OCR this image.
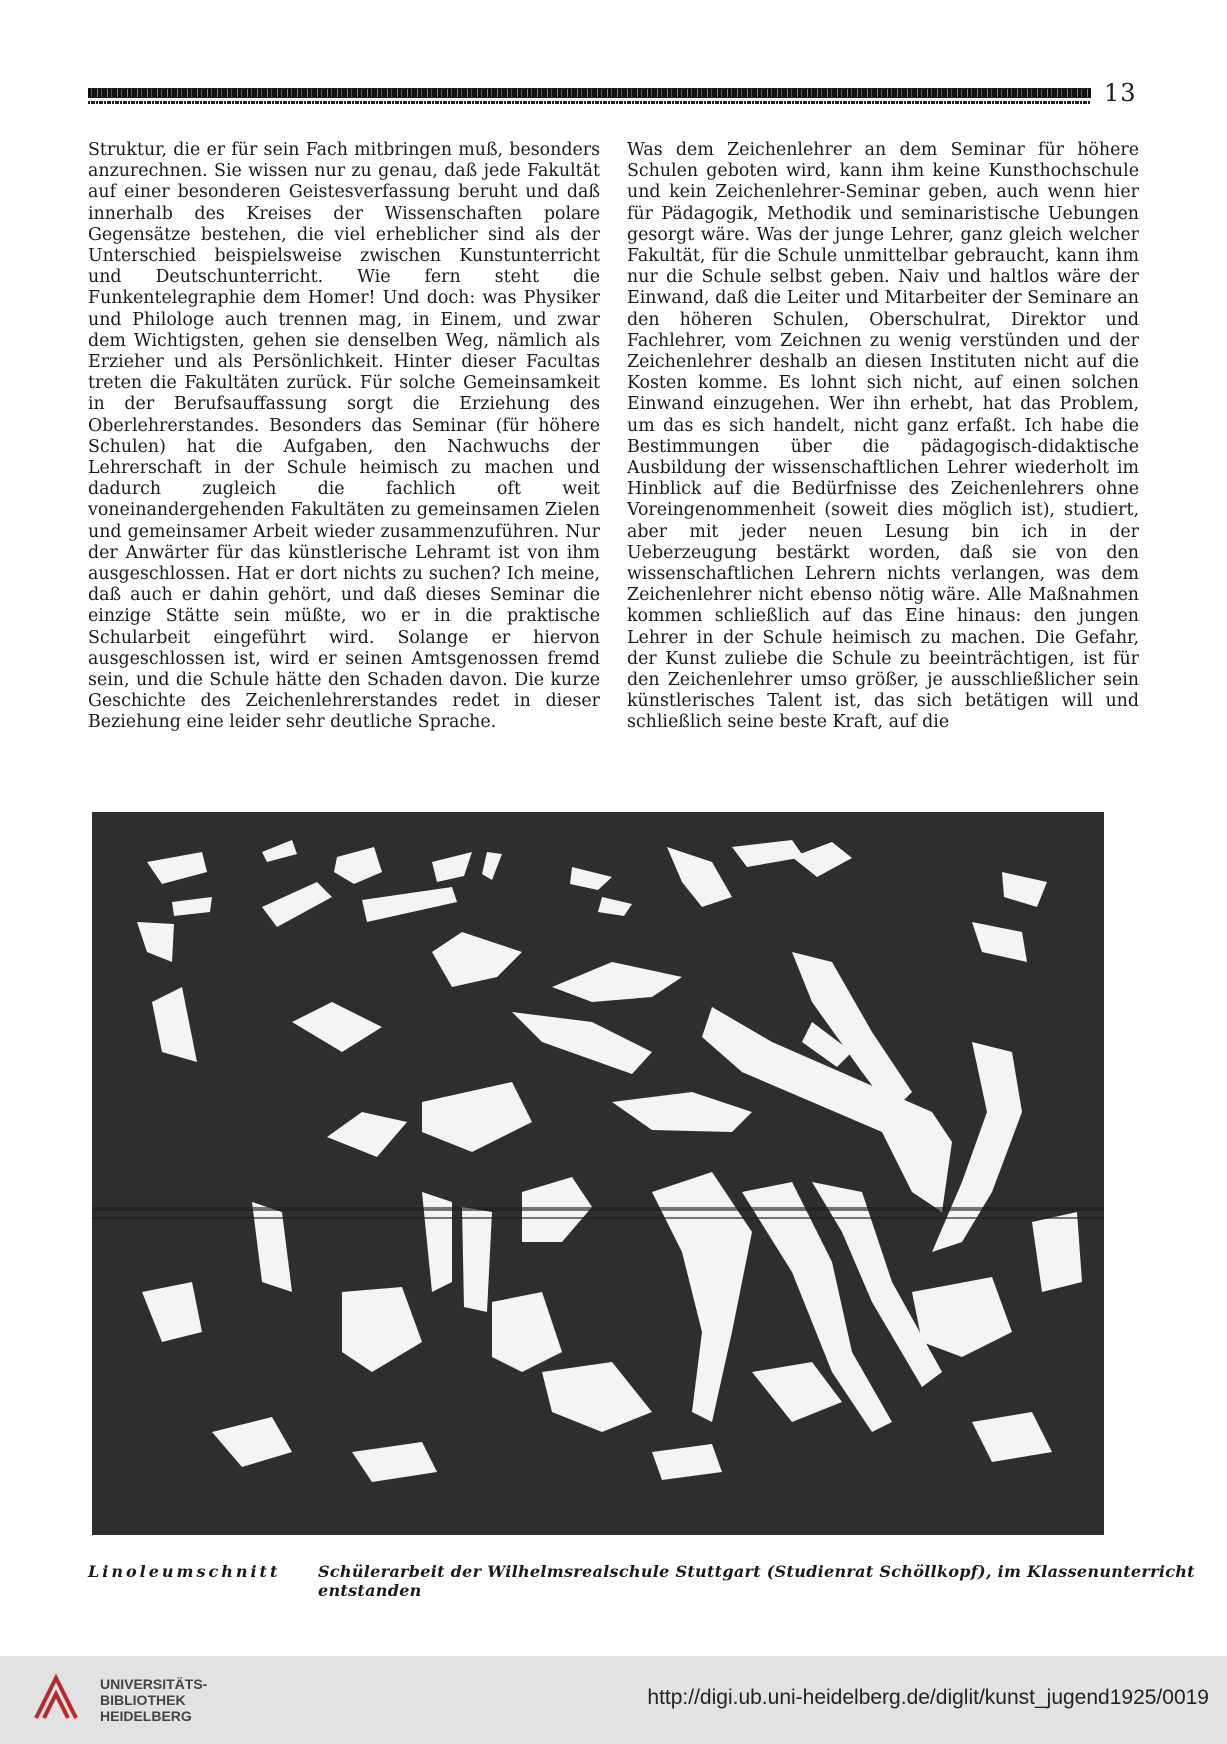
13

Struktur, die er für sein Fach mitbringen muß, besonders anzurechnen. Sie wissen nur zu genau, daß jede Fakultät auf einer besonderen Geistesverfassung beruht und daß innerhalb des Kreises der Wissenschaften polare Gegensätze bestehen, die viel erheblicher sind als der Unterschied beispielsweise zwischen Kunstunterricht und Deutschunterricht. Wie fern steht die Funkentelegraphie dem Homer! Und doch: was Physiker und Philologe auch trennen mag, in Einem, und zwar dem Wichtigsten, gehen sie denselben Weg, nämlich als Erzieher und als Persönlichkeit. Hinter dieser Facultas treten die Fakultäten zurück. Für solche Gemeinsamkeit in der Berufsauffassung sorgt die Erziehung des Oberlehrerstandes. Besonders das Seminar (für höhere Schulen) hat die Aufgaben, den Nachwuchs der Lehrerschaft in der Schule heimisch zu machen und dadurch zugleich die fachlich oft weit voneinandergehenden Fakultäten zu gemeinsamen Zielen und gemeinsamer Arbeit wieder zusammenzuführen. Nur der Anwärter für das künstlerische Lehramt ist von ihm ausgeschlossen. Hat er dort nichts zu suchen? Ich meine, daß auch er dahin gehört, und daß dieses Seminar die einzige Stätte sein müßte, wo er in die praktische Schularbeit eingeführt wird. Solange er hiervon ausgeschlossen ist, wird er seinen Amtsgenossen fremd sein, und die Schule hätte den Schaden davon. Die kurze Geschichte des Zeichenlehrerstandes redet in dieser Beziehung eine leider sehr deutliche Sprache.

Was dem Zeichenlehrer an dem Seminar für höhere Schulen geboten wird, kann ihm keine Kunsthochschule und kein Zeichenlehrer-Seminar geben, auch wenn hier für Pädagogik, Methodik und seminaristische Uebungen gesorgt wäre. Was der junge Lehrer, ganz gleich welcher Fakultät, für die Schule unmittelbar gebraucht, kann ihm nur die Schule selbst geben. Naiv und haltlos wäre der Einwand, daß die Leiter und Mitarbeiter der Seminare an den höheren Schulen, Oberschulrat, Direktor und Fachlehrer, vom Zeichnen zu wenig verstünden und der Zeichenlehrer deshalb an diesen Instituten nicht auf die Kosten komme. Es lohnt sich nicht, auf einen solchen Einwand einzugehen. Wer ihn erhebt, hat das Problem, um das es sich handelt, nicht ganz erfaßt. Ich habe die Bestimmungen über die pädagogisch-didaktische Ausbildung der wissenschaftlichen Lehrer wiederholt im Hinblick auf die Bedürfnisse des Zeichenlehrers ohne Voreingenommenheit (soweit dies möglich ist), studiert, aber mit jeder neuen Lesung bin ich in der Ueberzeugung bestärkt worden, daß sie von den wissenschaftlichen Lehrern nichts verlangen, was dem Zeichenlehrer nicht ebenso nötig wäre. Alle Maßnahmen kommen schließlich auf das Eine hinaus: den jungen Lehrer in der Schule heimisch zu machen. Die Gefahr, der Kunst zuliebe die Schule zu beeinträchtigen, ist für den Zeichenlehrer umso größer, je ausschließlicher sein künstlerisches Talent ist, das sich betätigen will und schließlich seine beste Kraft, auf die

Linoleumschnitt Schülerarbeit der Wilhelmsrealschule Stuttgart (Studienrat Schöllkopf), im Klassenunterricht entstanden
UNIVERSITÄTS-
BIBLIOTHEK
HEIDELBERG
http://digi.ub.uni-heidelberg.de/diglit/kunst_jugend1925/0019
